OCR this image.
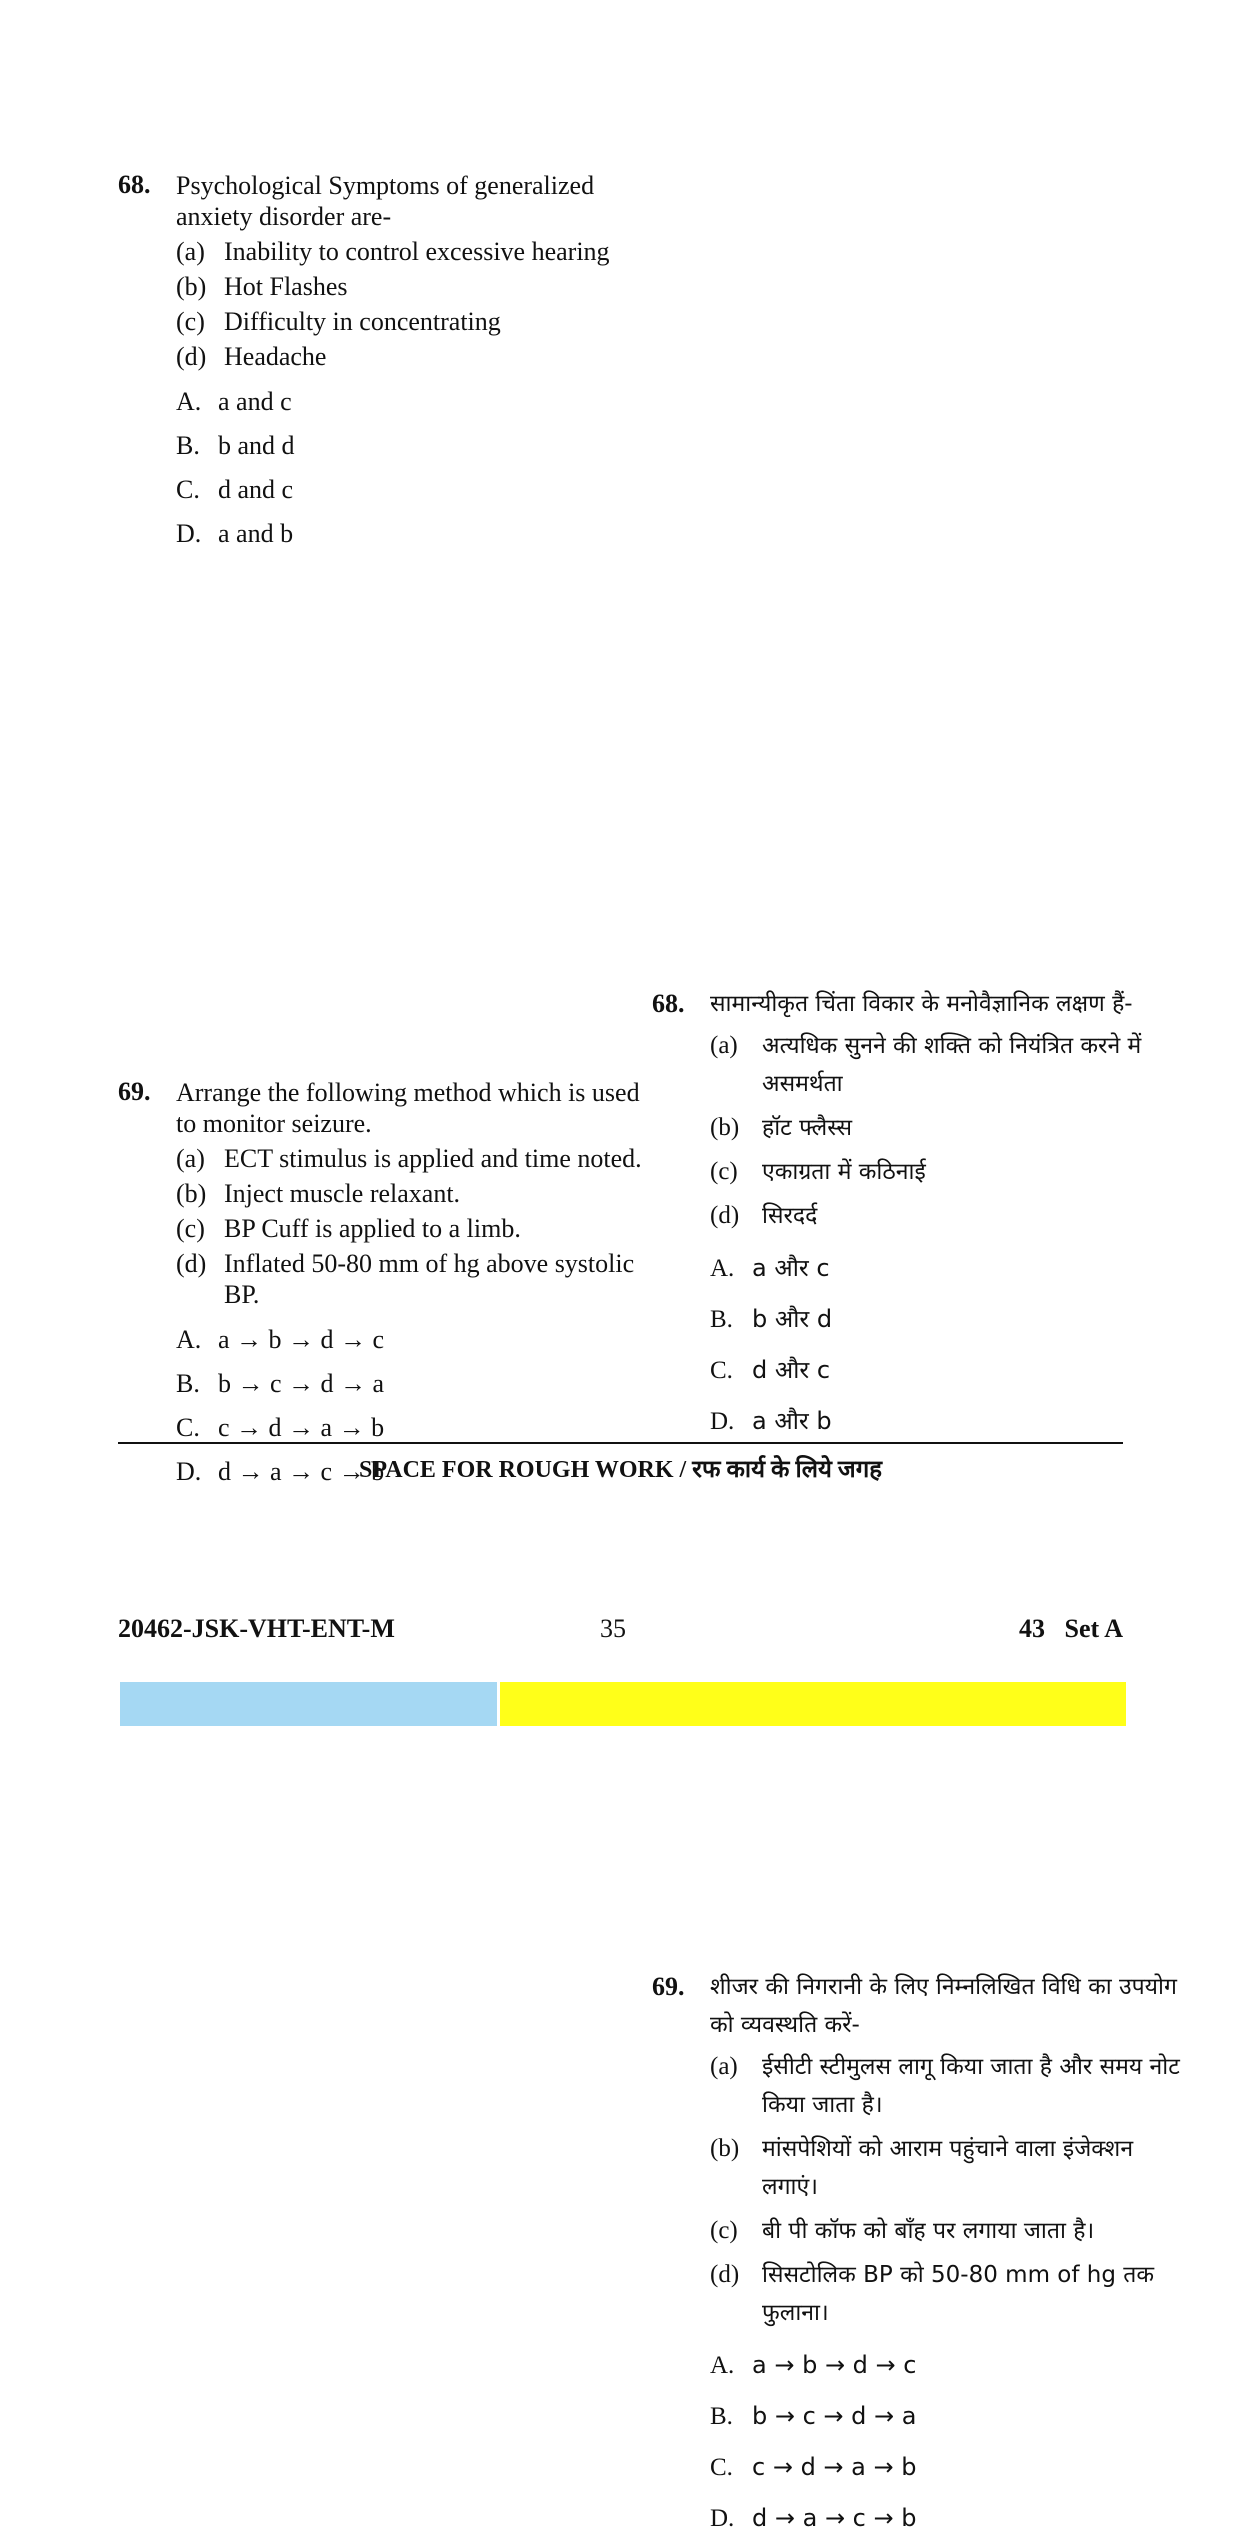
68. Psychological Symptoms of generalized anxiety disorder are-

(a) Inability to control excessive hearing
(b) Hot Flashes
(c) Difficulty in concentrating
(d) Headache
A. a and c
B. b and d
C. d and c
D. a and b
69. Arrange the following method which is used to monitor seizure.

(a) ECT stimulus is applied and time noted.
(b) Inject muscle relaxant.
(c) BP Cuff is applied to a limb.
(d) Inflated 50-80 mm of hg above systolic BP.
A. a → b → d → c
B. b → c → d → a
C. c → d → a → b
D. d → a → c → b
68. सामान्यीकृत चिंता विकार के मनोवैज्ञानिक लक्षण हैं-

(a) अत्यधिक सुनने की शक्ति को नियंत्रित करने में असमर्थता
(b) हॉट फ्लैस्स
(c) एकाग्रता में कठिनाई
(d) सिरदर्द
A. a और c
B. b और d
C. d और c
D. a और b
69. शीजर की निगरानी के लिए निम्नलिखित विधि का उपयोग को व्यवस्थति करें-

(a) ईसीटी स्टीमुलस लागू किया जाता है और समय नोट किया जाता है।
(b) मांसपेशियों को आराम पहुंचाने वाला इंजेक्शन लगाएं।
(c) बी पी कॉफ को बाँह पर लगाया जाता है।
(d) सिसटोलिक BP को 50-80 mm of hg तक फुलाना।
A. a → b → d → c
B. b → c → d → a
C. c → d → a → b
D. d → a → c → b
SPACE FOR ROUGH WORK / रफ कार्य के लिये जगह
20462-JSK-VHT-ENT-M	35	43   Set A
